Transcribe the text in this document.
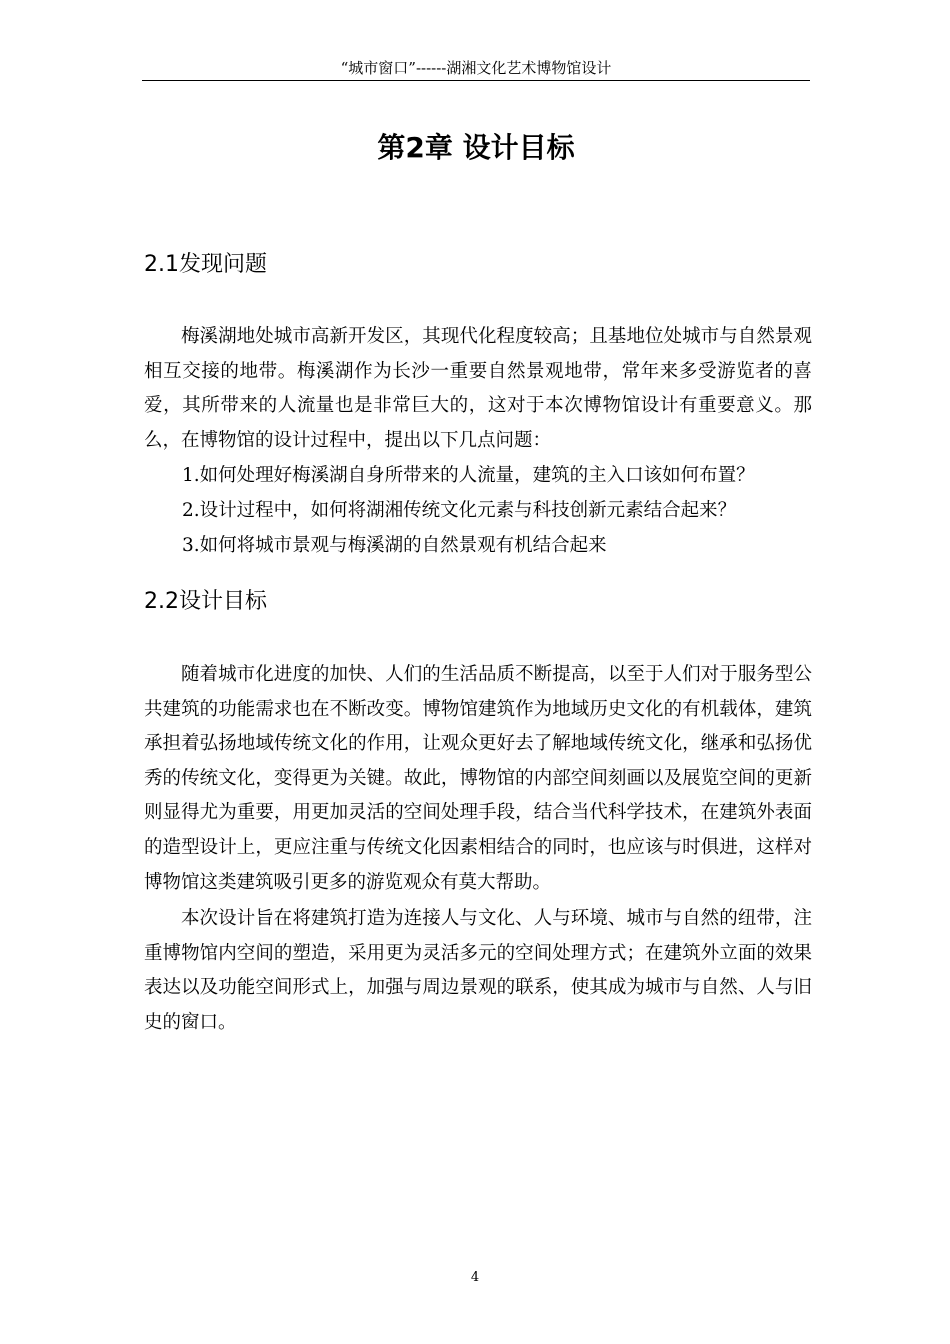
“城市窗口”------湖湘文化艺术博物馆设计
第2章 设计目标
2.1发现问题

梅溪湖地处城市高新开发区，其现代化程度较高；且基地位处城市与自然景观相互交接的地带。梅溪湖作为长沙一重要自然景观地带，常年来多受游览者的喜爱，其所带来的人流量也是非常巨大的，这对于本次博物馆设计有重要意义。那么，在博物馆的设计过程中，提出以下几点问题：

1.如何处理好梅溪湖自身所带来的人流量，建筑的主入口该如何布置？

2.设计过程中，如何将湖湘传统文化元素与科技创新元素结合起来？

3.如何将城市景观与梅溪湖的自然景观有机结合起来

2.2设计目标

随着城市化进度的加快、人们的生活品质不断提高，以至于人们对于服务型公共建筑的功能需求也在不断改变。博物馆建筑作为地域历史文化的有机载体，建筑承担着弘扬地域传统文化的作用，让观众更好去了解地域传统文化，继承和弘扬优秀的传统文化，变得更为关键。故此，博物馆的内部空间刻画以及展览空间的更新则显得尤为重要，用更加灵活的空间处理手段，结合当代科学技术，在建筑外表面的造型设计上，更应注重与传统文化因素相结合的同时，也应该与时俱进，这样对博物馆这类建筑吸引更多的游览观众有莫大帮助。

本次设计旨在将建筑打造为连接人与文化、人与环境、城市与自然的纽带，注重博物馆内空间的塑造，采用更为灵活多元的空间处理方式；在建筑外立面的效果表达以及功能空间形式上，加强与周边景观的联系，使其成为城市与自然、人与旧史的窗口。

4
